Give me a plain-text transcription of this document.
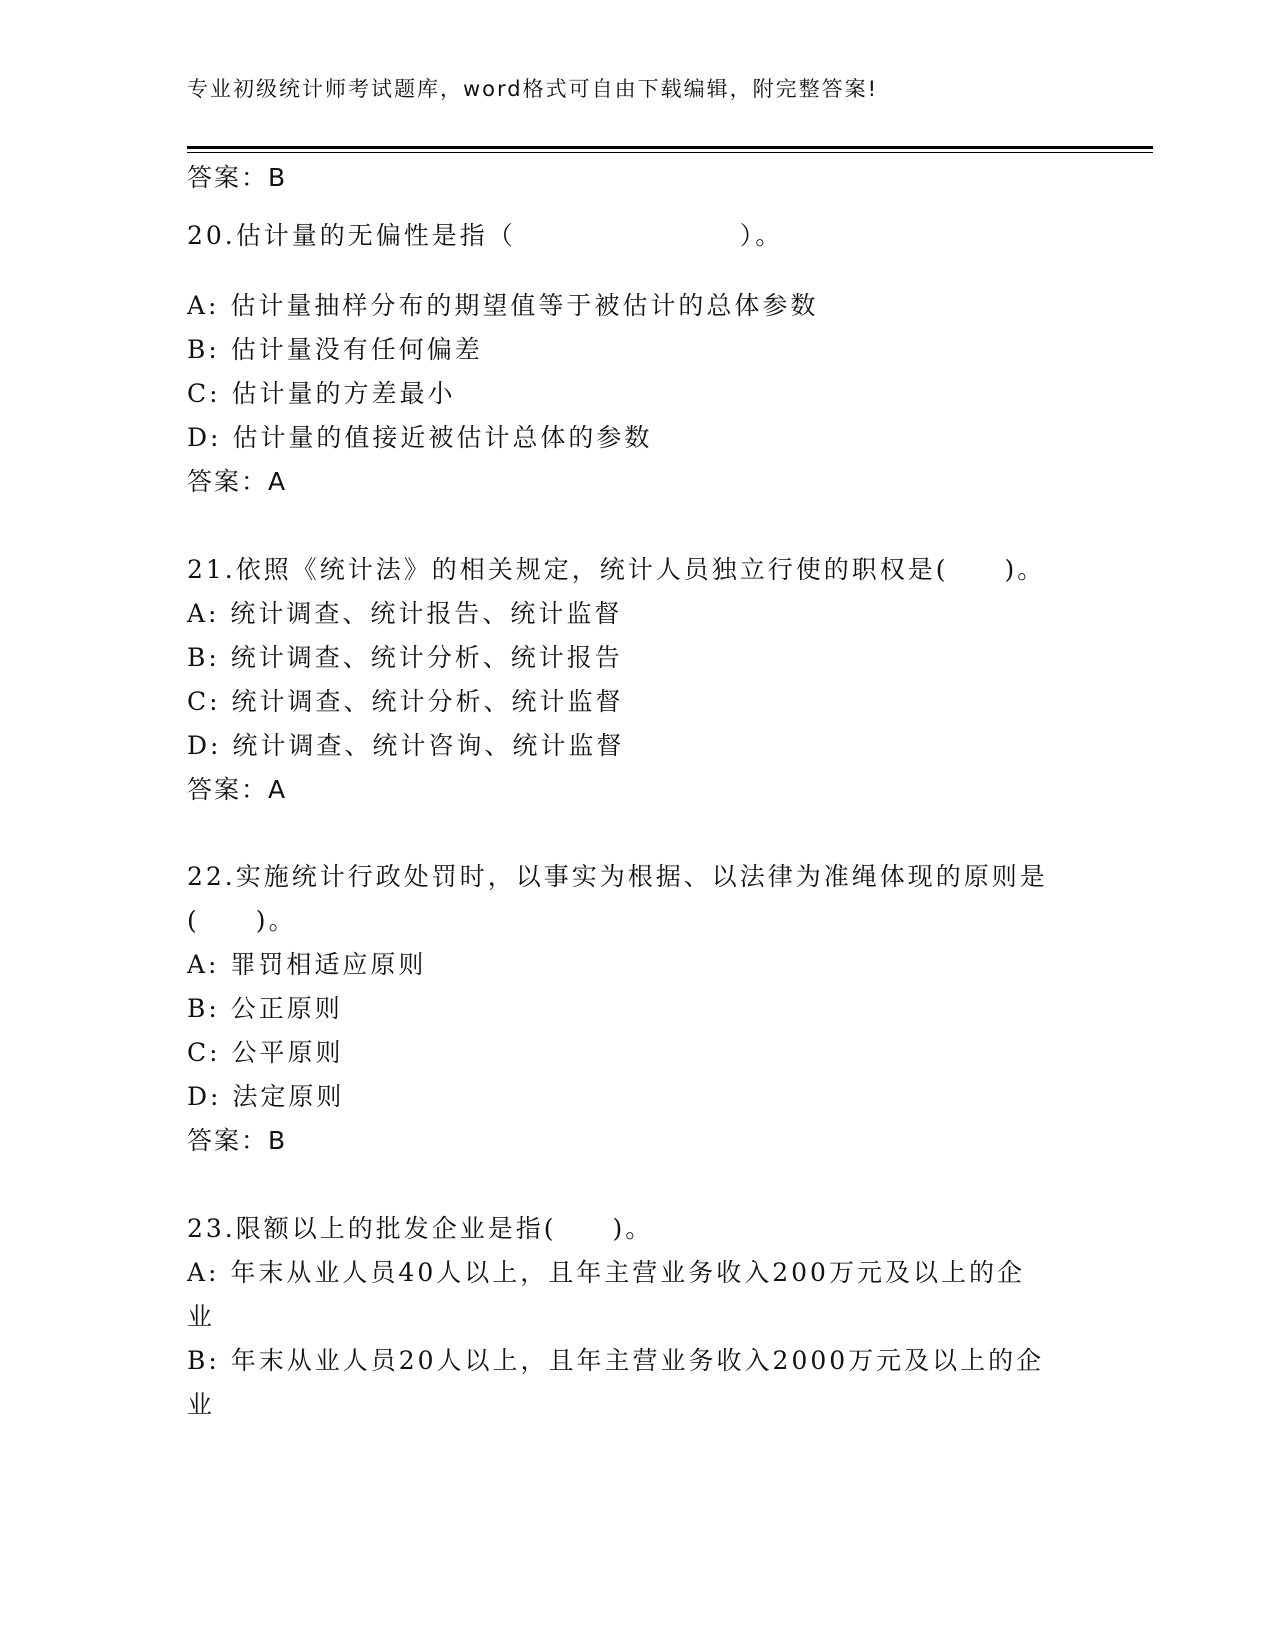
专业初级统计师考试题库，word格式可自由下载编辑，附完整答案!
答案：B
20.估计量的无偏性是指（　　　　　　　　）。
A: 估计量抽样分布的期望值等于被估计的总体参数
B: 估计量没有任何偏差
C: 估计量的方差最小
D: 估计量的值接近被估计总体的参数
答案：A
21.依照《统计法》的相关规定，统计人员独立行使的职权是(　　)。
A: 统计调查、统计报告、统计监督
B: 统计调查、统计分析、统计报告
C: 统计调查、统计分析、统计监督
D: 统计调查、统计咨询、统计监督
答案：A
22.实施统计行政处罚时，以事实为根据、以法律为准绳体现的原则是
(　　)。
A: 罪罚相适应原则
B: 公正原则
C: 公平原则
D: 法定原则
答案：B
23.限额以上的批发企业是指(　　)。
A: 年末从业人员40人以上，且年主营业务收入200万元及以上的企
业
B: 年末从业人员20人以上，且年主营业务收入2000万元及以上的企
业
